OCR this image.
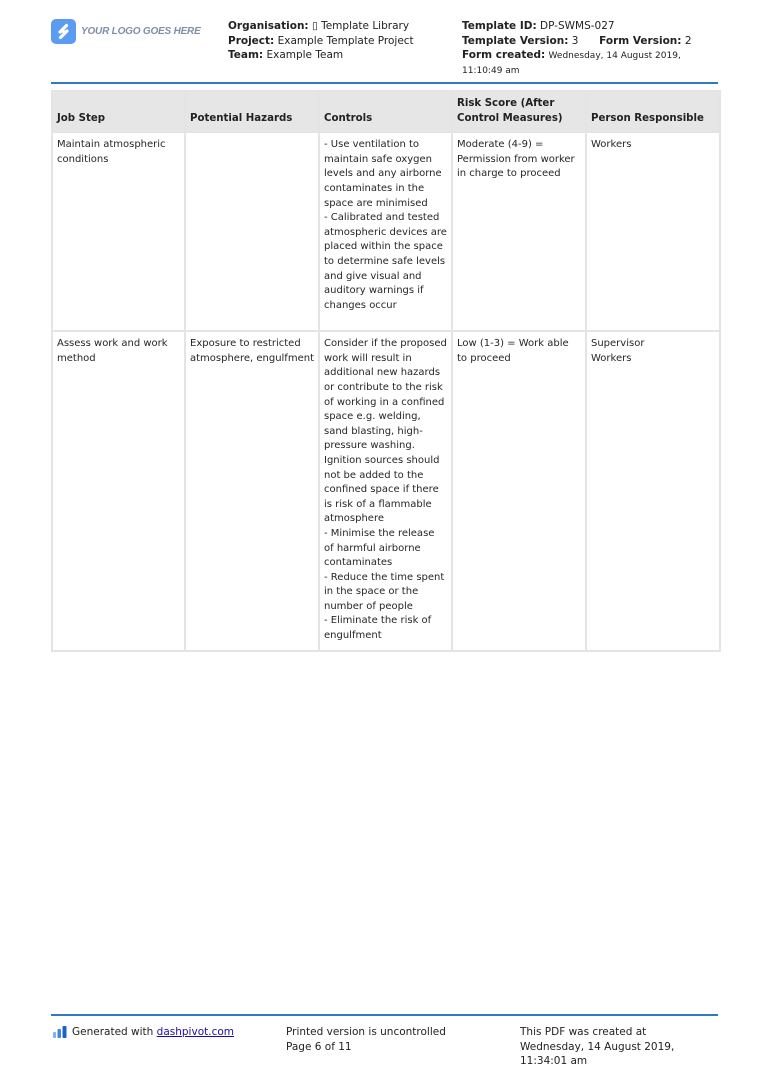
YOUR LOGO GOES HERE	Organisation: ▯ Template Library
Project: Example Template Project
Team: Example Team
Template ID: DP-SWMS-027
Template Version: 3 Form Version: 2
Form created: Wednesday, 14 August 2019,
11:10:49 am
Job Step	Potential Hazards	Controls	Risk Score (After Control Measures)	Person Responsible
Maintain atmospheric conditions		- Use ventilation to maintain safe oxygen levels and any airborne contaminates in the space are minimised
- Calibrated and tested atmospheric devices are placed within the space to determine safe levels and give visual and auditory warnings if changes occur	Moderate (4-9) = Permission from worker in charge to proceed	Workers

Assess work and work method	Exposure to restricted atmosphere, engulfment	Consider if the proposed work will result in additional new hazards or contribute to the risk of working in a confined space e.g. welding, sand blasting, high-pressure washing. Ignition sources should not be added to the confined space if there is risk of a flammable atmosphere
- Minimise the release of harmful airborne contaminates
- Reduce the time spent in the space or the number of people
- Eliminate the risk of engulfment	Low (1-3) = Work able to proceed	Supervisor
Workers
Generated with dashpivot.com	Printed version is uncontrolled
Page 6 of 11
This PDF was created at
Wednesday, 14 August 2019,
11:34:01 am
